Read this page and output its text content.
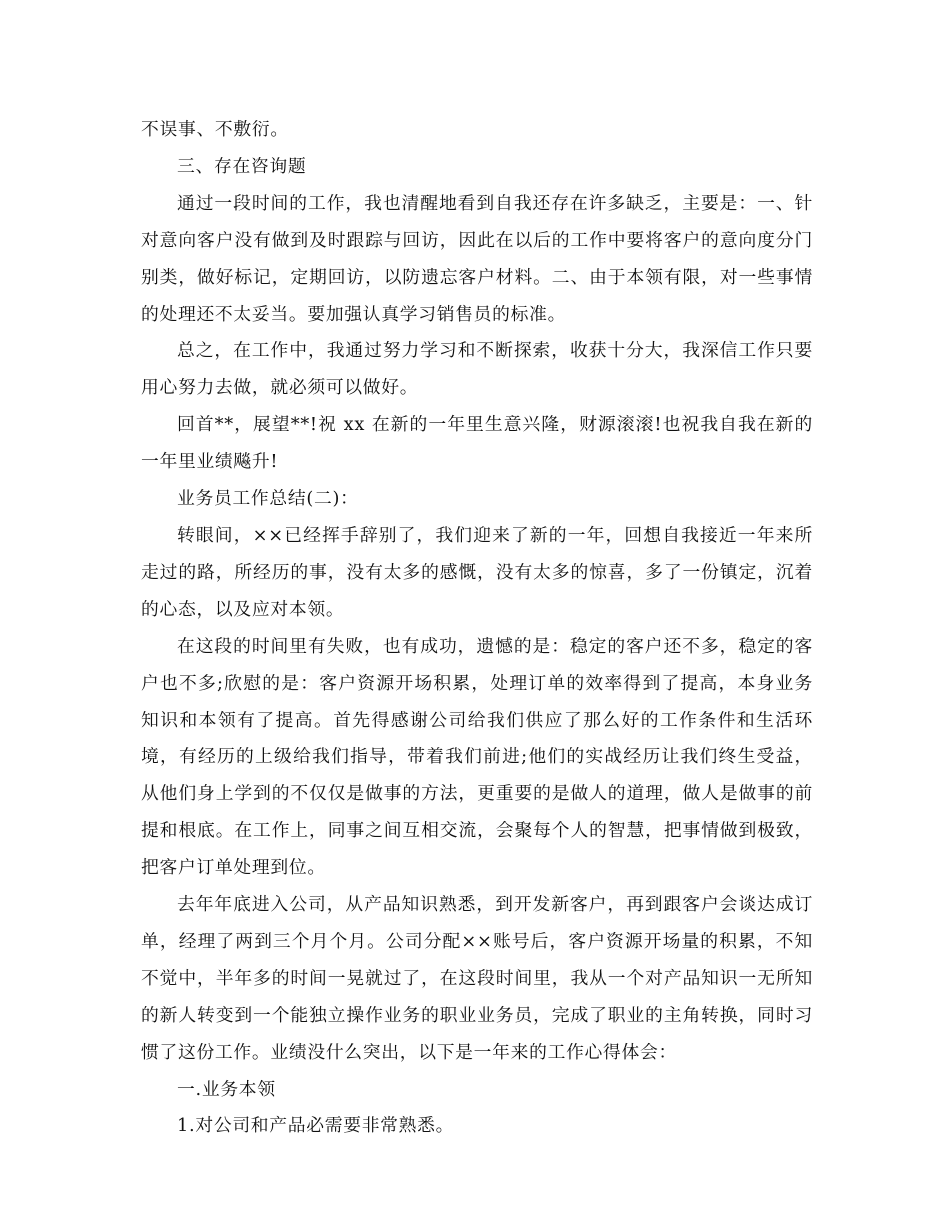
不误事、不敷衍。

三、存在咨询题

通过一段时间的工作，我也清醒地看到自我还存在许多缺乏，主要是：一、针对意向客户没有做到及时跟踪与回访，因此在以后的工作中要将客户的意向度分门别类，做好标记，定期回访，以防遗忘客户材料。二、由于本领有限，对一些事情的处理还不太妥当。要加强认真学习销售员的标准。

总之，在工作中，我通过努力学习和不断探索，收获十分大，我深信工作只要用心努力去做，就必须可以做好。

回首**，展望**!祝 xx 在新的一年里生意兴隆，财源滚滚!也祝我自我在新的一年里业绩飚升!

业务员工作总结(二)：

转眼间，××已经挥手辞别了，我们迎来了新的一年，回想自我接近一年来所走过的路，所经历的事，没有太多的感慨，没有太多的惊喜，多了一份镇定，沉着的心态，以及应对本领。

在这段的时间里有失败，也有成功，遗憾的是：稳定的客户还不多，稳定的客户也不多;欣慰的是：客户资源开场积累，处理订单的效率得到了提高，本身业务知识和本领有了提高。首先得感谢公司给我们供应了那么好的工作条件和生活环境，有经历的上级给我们指导，带着我们前进;他们的实战经历让我们终生受益，从他们身上学到的不仅仅是做事的方法，更重要的是做人的道理，做人是做事的前提和根底。在工作上，同事之间互相交流，会聚每个人的智慧，把事情做到极致，把客户订单处理到位。

去年年底进入公司，从产品知识熟悉，到开发新客户，再到跟客户会谈达成订单，经理了两到三个月个月。公司分配××账号后，客户资源开场量的积累，不知不觉中，半年多的时间一晃就过了，在这段时间里，我从一个对产品知识一无所知的新人转变到一个能独立操作业务的职业业务员，完成了职业的主角转换，同时习惯了这份工作。业绩没什么突出，以下是一年来的工作心得体会：

一.业务本领

1.对公司和产品必需要非常熟悉。
